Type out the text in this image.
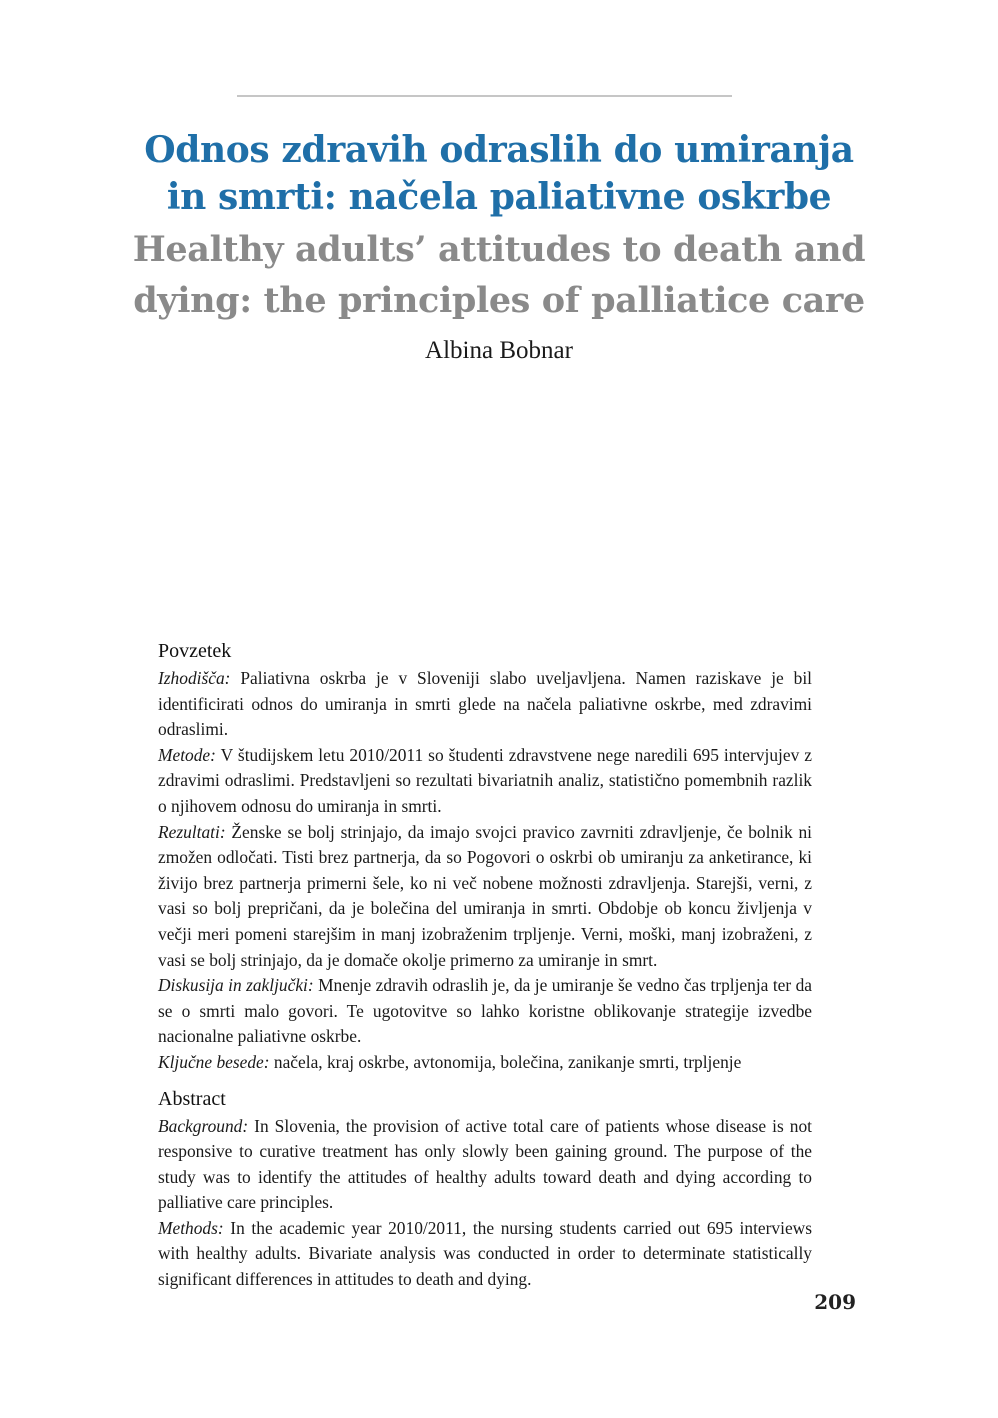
Odnos zdravih odraslih do umiranja
in smrti: načela paliativne oskrbe
Healthy adults’ attitudes to death and
dying: the principles of palliatice care

Albina Bobnar

Povzetek

Izhodišča: Paliativna oskrba je v Sloveniji slabo uveljavljena. Namen raziskave je bil identificirati odnos do umiranja in smrti glede na načela paliativne oskrbe, med zdravimi odraslimi.

Metode: V študijskem letu 2010/2011 so študenti zdravstvene nege naredili 695 intervjujev z zdravimi odraslimi. Predstavljeni so rezultati bivariatnih analiz, statistično pomembnih razlik o njihovem odnosu do umiranja in smrti.

Rezultati: Ženske se bolj strinjajo, da imajo svojci pravico zavrniti zdravljenje, če bolnik ni zmožen odločati. Tisti brez partnerja, da so Pogovori o oskrbi ob umiranju za anketirance, ki živijo brez partnerja primerni šele, ko ni več nobene možnosti zdravljenja. Starejši, verni, z vasi so bolj prepričani, da je bolečina del umiranja in smrti. Obdobje ob koncu življenja v večji meri pomeni starejšim in manj izobraženim trpljenje. Verni, moški, manj izobraženi, z vasi se bolj strinjajo, da je domače okolje primerno za umiranje in smrt.

Diskusija in zaključki: Mnenje zdravih odraslih je, da je umiranje še vedno čas trpljenja ter da se o smrti malo govori. Te ugotovitve so lahko koristne oblikovanje strategije izvedbe nacionalne paliativne oskrbe.

Ključne besede: načela, kraj oskrbe, avtonomija, bolečina, zanikanje smrti, trpljenje

Abstract

Background: In Slovenia, the provision of active total care of patients whose disease is not responsive to curative treatment has only slowly been gaining ground. The purpose of the study was to identify the attitudes of healthy adults toward death and dying according to palliative care principles.

Methods: In the academic year 2010/2011, the nursing students carried out 695 interviews with healthy adults. Bivariate analysis was conducted in order to determinate statistically significant differences in attitudes to death and dying.

209
